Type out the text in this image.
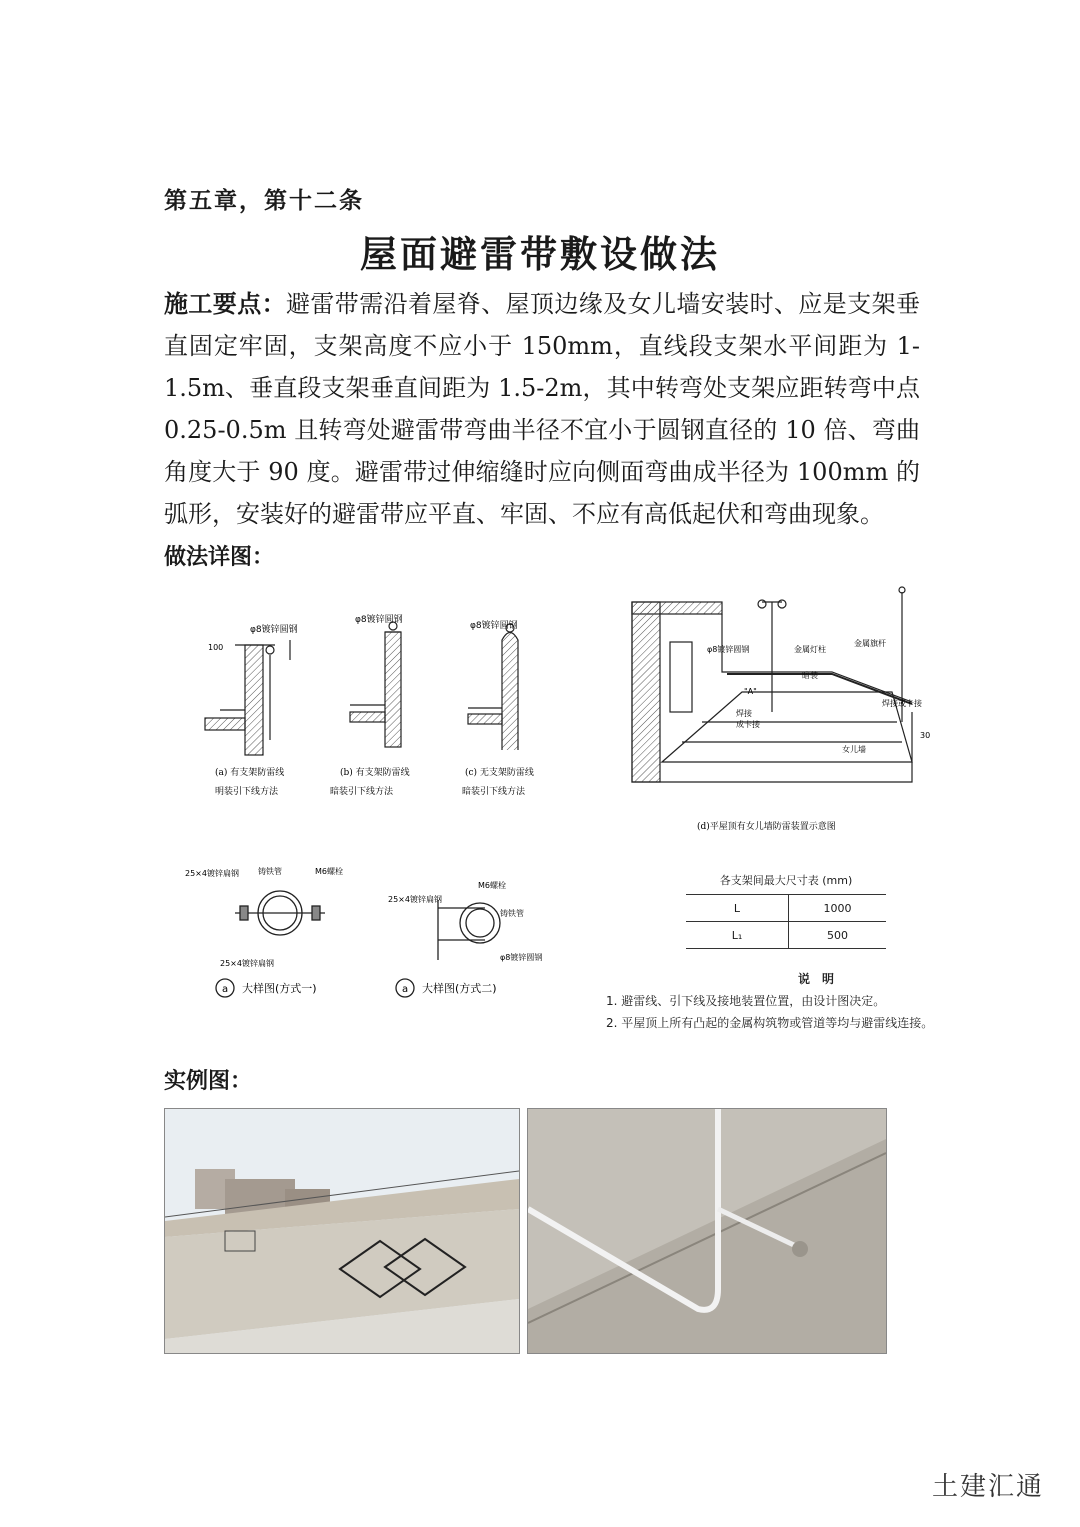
第五章，第十二条
屋面避雷带敷设做法
施工要点：避雷带需沿着屋脊、屋顶边缘及女儿墙安装时、应是支架垂直固定牢固，支架高度不应小于 150mm，直线段支架水平间距为 1-1.5m、垂直段支架垂直间距为 1.5-2m，其中转弯处支架应距转弯中点 0.25-0.5m 且转弯处避雷带弯曲半径不宜小于圆钢直径的 10 倍、弯曲角度大于 90 度。避雷带过伸缩缝时应向侧面弯曲成半径为 100mm 的弧形，安装好的避雷带应平直、牢固、不应有高低起伏和弯曲现象。
做法详图：
φ8镀锌圆钢
100
φ8镀锌圆钢
φ8镀锌圆钢
(a) 有支架防雷线
明装引下线方法
(b) 有支架防雷线
暗装引下线方法
(c) 无支架防雷线
暗装引下线方法
φ8镀锌圆钢	金属灯柱
金属旗杆
暗装
"A"
焊接或卡接
焊接
成卡接
女儿墙
30
(d)平屋顶有女儿墙防雷装置示意图
25×4镀锌扁钢 铸铁管	M6螺栓
25×4镀锌扁钢
a 大样图(方式一)
25×4镀锌扁钢
M6螺栓
铸铁管
φ8镀锌圆钢
a 大样图(方式二)
各支架间最大尺寸表 (mm)
L	1000
L₁	500
说　明
1. 避雷线、引下线及接地装置位置，由设计图决定。
2. 平屋顶上所有凸起的金属构筑物或管道等均与避雷线连接。
实例图：
土建汇通
